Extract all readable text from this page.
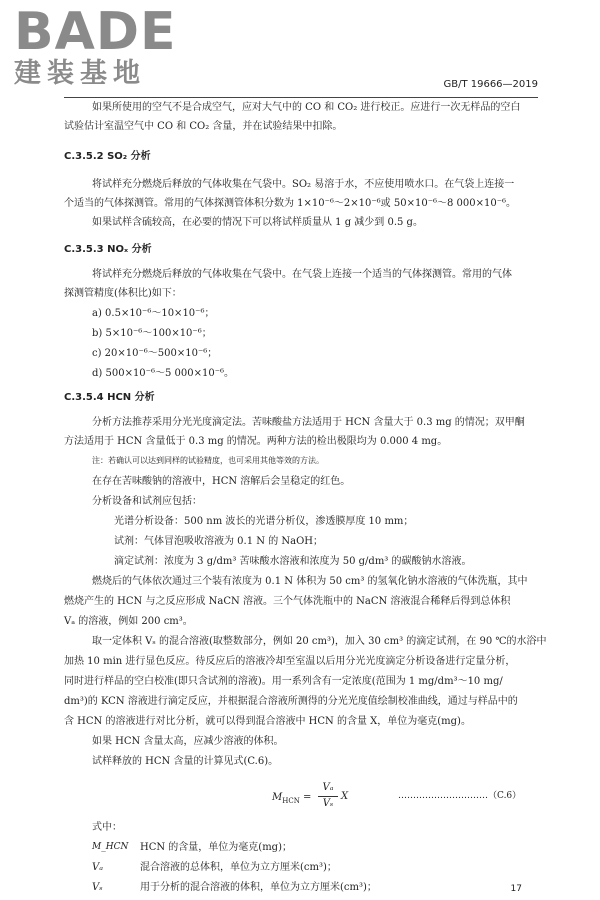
BADE
建装基地	GB/T 19666—2019
如果所使用的空气不是合成空气，应对大气中的 CO 和 CO₂ 进行校正。应进行一次无样品的空白
试验估计室温空气中 CO 和 CO₂ 含量，并在试验结果中扣除。
C.3.5.2 SO₂ 分析
将试样充分燃烧后释放的气体收集在气袋中。SO₂ 易溶于水，不应使用喷水口。在气袋上连接一
个适当的气体探测管。常用的气体探测管体积分数为 1×10⁻⁶～2×10⁻⁶或 50×10⁻⁶～8 000×10⁻⁶。
如果试样含硫较高，在必要的情况下可以将试样质量从 1 g 减少到 0.5 g。
C.3.5.3 NOₓ 分析
将试样充分燃烧后释放的气体收集在气袋中。在气袋上连接一个适当的气体探测管。常用的气体
探测管精度(体积比)如下：
a) 0.5×10⁻⁶～10×10⁻⁶；
b) 5×10⁻⁶～100×10⁻⁶；
c) 20×10⁻⁶～500×10⁻⁶；
d) 500×10⁻⁶～5 000×10⁻⁶。
C.3.5.4 HCN 分析
分析方法推荐采用分光光度滴定法。苦味酸盐方法适用于 HCN 含量大于 0.3 mg 的情况；双甲酮
方法适用于 HCN 含量低于 0.3 mg 的情况。两种方法的检出极限均为 0.000 4 mg。
注：若确认可以达到同样的试验精度，也可采用其他等效的方法。
在存在苦味酸钠的溶液中，HCN 溶解后会呈稳定的红色。
分析设备和试剂应包括：
光谱分析设备：500 nm 波长的光谱分析仪，渗透膜厚度 10 mm；
试剂：气体冒泡吸收溶液为 0.1 N 的 NaOH；
滴定试剂：浓度为 3 g/dm³ 苦味酸水溶液和浓度为 50 g/dm³ 的碳酸钠水溶液。
燃烧后的气体依次通过三个装有浓度为 0.1 N 体积为 50 cm³ 的氢氧化钠水溶液的气体洗瓶，其中
燃烧产生的 HCN 与之反应形成 NaCN 溶液。三个气体洗瓶中的 NaCN 溶液混合稀释后得到总体积
Vₐ 的溶液，例如 200 cm³。
取一定体积 Vₛ 的混合溶液(取整数部分，例如 20 cm³)，加入 30 cm³ 的滴定试剂，在 90 ℃的水浴中
加热 10 min 进行显色反应。待反应后的溶液冷却至室温以后用分光光度滴定分析设备进行定量分析，
同时进行样品的空白校准(即只含试剂的溶液)。用一系列含有一定浓度(范围为 1 mg/dm³～10 mg/
dm³)的 KCN 溶液进行滴定反应，并根据混合溶液所测得的分光光度值绘制校准曲线，通过与样品中的
含 HCN 的溶液进行对比分析，就可以得到混合溶液中 HCN 的含量 X，单位为毫克(mg)。
如果 HCN 含量太高，应减少溶液的体积。
试样释放的 HCN 含量的计算见式(C.6)。
$M_{HCN}$ =
Vₐ
Vₛ
X	…………………………（C.6）
式中：
M_HCN HCN 的含量，单位为毫克(mg)；
Vₐ	混合溶液的总体积，单位为立方厘米(cm³)；
Vₛ	用于分析的混合溶液的体积，单位为立方厘米(cm³)；	17
